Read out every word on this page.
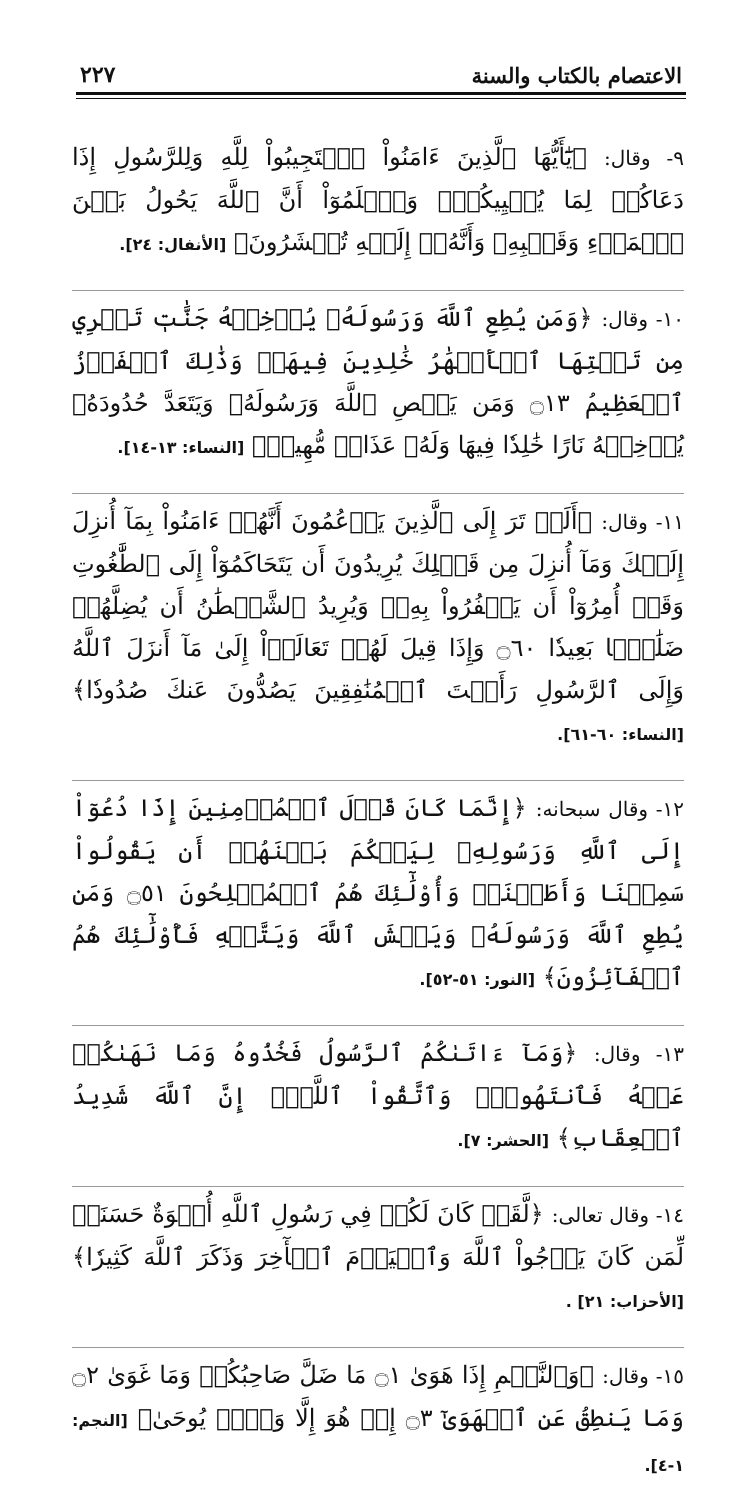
الاعتصام بالكتاب والسنة
٢٢٧

٩- وقال: ﴿يَٰٓأَيُّهَا ٱلَّذِينَ ءَامَنُواْ ٱسۡتَجِيبُواْ لِلَّهِ وَلِلرَّسُولِ إِذَا دَعَاكُمۡ لِمَا يُحۡيِيكُمۡۖ وَٱعۡلَمُوٓاْ أَنَّ ٱللَّهَ يَحُولُ بَيۡنَ ٱلۡمَرۡءِ وَقَلۡبِهِۦ وَأَنَّهُۥٓ إِلَيۡهِ تُحۡشَرُونَ﴾ [الأنفال: ٢٤].

١٠- وقال: ﴿وَمَن يُطِعِ ٱللَّهَ وَرَسُولَهُۥ يُدۡخِلۡهُ جَنَّٰتٖ تَجۡرِي مِن تَحۡتِهَا ٱلۡأَنۡهَٰرُ خَٰلِدِينَ فِيهَاۚ وَذَٰلِكَ ٱلۡفَوۡزُ ٱلۡعَظِيمُ ۝١٣ وَمَن يَعۡصِ ٱللَّهَ وَرَسُولَهُۥ وَيَتَعَدَّ حُدُودَهُۥ يُدۡخِلۡهُ نَارًا خَٰلِدٗا فِيهَا وَلَهُۥ عَذَابٞ مُّهِينٞ﴾ [النساء: ١٣-١٤].

١١- وقال: ﴿أَلَمۡ تَرَ إِلَى ٱلَّذِينَ يَزۡعُمُونَ أَنَّهُمۡ ءَامَنُواْ بِمَآ أُنزِلَ إِلَيۡكَ وَمَآ أُنزِلَ مِن قَبۡلِكَ يُرِيدُونَ أَن يَتَحَاكَمُوٓاْ إِلَى ٱلطَّٰغُوتِ وَقَدۡ أُمِرُوٓاْ أَن يَكۡفُرُواْ بِهِۦۖ وَيُرِيدُ ٱلشَّيۡطَٰنُ أَن يُضِلَّهُمۡ ضَلَٰلَۢا بَعِيدٗا ۝٦٠ وَإِذَا قِيلَ لَهُمۡ تَعَالَوۡاْ إِلَىٰ مَآ أَنزَلَ ٱللَّهُ وَإِلَى ٱلرَّسُولِ رَأَيۡتَ ٱلۡمُنَٰفِقِينَ يَصُدُّونَ عَنكَ صُدُودٗا﴾ [النساء: ٦٠-٦١].

١٢- وقال سبحانه: ﴿إِنَّمَا كَانَ قَوۡلَ ٱلۡمُؤۡمِنِينَ إِذَا دُعُوٓاْ إِلَى ٱللَّهِ وَرَسُولِهِۦ لِيَحۡكُمَ بَيۡنَهُمۡ أَن يَقُولُواْ سَمِعۡنَا وَأَطَعۡنَاۚ وَأُوْلَٰٓئِكَ هُمُ ٱلۡمُفۡلِحُونَ ۝٥١ وَمَن يُطِعِ ٱللَّهَ وَرَسُولَهُۥ وَيَخۡشَ ٱللَّهَ وَيَتَّقۡهِ فَأُوْلَٰٓئِكَ هُمُ ٱلۡفَآئِزُونَ﴾ [النور: ٥١-٥٢].

١٣- وقال: ﴿وَمَآ ءَاتَىٰكُمُ ٱلرَّسُولُ فَخُذُوهُ وَمَا نَهَىٰكُمۡ عَنۡهُ فَٱنتَهُواْۚ وَٱتَّقُواْ ٱللَّهَۖ إِنَّ ٱللَّهَ شَدِيدُ ٱلۡعِقَابِ﴾ [الحشر: ٧].

١٤- وقال تعالى: ﴿لَّقَدۡ كَانَ لَكُمۡ فِي رَسُولِ ٱللَّهِ أُسۡوَةٌ حَسَنَةٞ لِّمَن كَانَ يَرۡجُواْ ٱللَّهَ وَٱلۡيَوۡمَ ٱلۡأٓخِرَ وَذَكَرَ ٱللَّهَ كَثِيرٗا﴾ [الأحزاب: ٢١] .

١٥- وقال: ﴿وَٱلنَّجۡمِ إِذَا هَوَىٰ ۝١ مَا ضَلَّ صَاحِبُكُمۡ وَمَا غَوَىٰ ۝٢ وَمَا يَنطِقُ عَنِ ٱلۡهَوَىٰٓ ۝٣ إِنۡ هُوَ إِلَّا وَحۡيٞ يُوحَىٰ﴾ [النجم: ١-٤].
